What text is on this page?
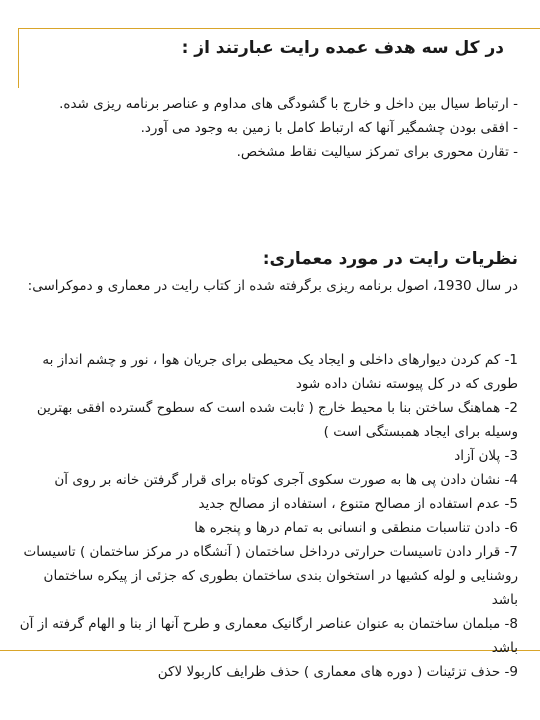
در کل سه هدف عمده رایت عبارتند از :

- ارتباط سیال بین داخل و خارج با گشودگی های مداوم و عناصر برنامه ریزی شده.

- افقی بودن چشمگیر آنها که ارتباط کامل با زمین به وجود می آورد.

- تقارن محوری برای تمرکز سیالیت نقاط مشخص.

نظریات رایت در مورد معماری:

در سال 1930، اصول برنامه ریزی برگرفته شده از کتاب رایت در معماری و دموکراسی:

1- کم کردن دیوارهای داخلی و ایجاد یک محیطی برای جریان هوا ، نور و چشم انداز به طوری که در کل پیوسته نشان داده شود

2- هماهنگ ساختن بنا با محیط خارج ( ثابت شده است که سطوح گسترده افقی بهترین وسیله برای ایجاد همبستگی است )

3- پلان آزاد

4- نشان دادن پی ها به صورت سکوی آجری کوتاه برای قرار گرفتن خانه بر روی آن

5- عدم استفاده از مصالح متنوع ، استفاده از مصالح جدید

6- دادن تناسبات منطقی و انسانی به تمام درها و پنجره ها

7- قرار دادن تاسیسات حرارتی درداخل ساختمان ( آنشگاه در مرکز ساختمان ) تاسیسات روشنایی و لوله کشیها در استخوان بندی ساختمان بطوری که جزئی از پیکره ساختمان باشد

8- مبلمان ساختمان به عنوان عناصر ارگانیک معماری و طرح آنها از بنا و الهام گرفته از آن باشد

9- حذف تزئینات ( دوره های معماری ) حذف ظرایف کاربولا لاکن
